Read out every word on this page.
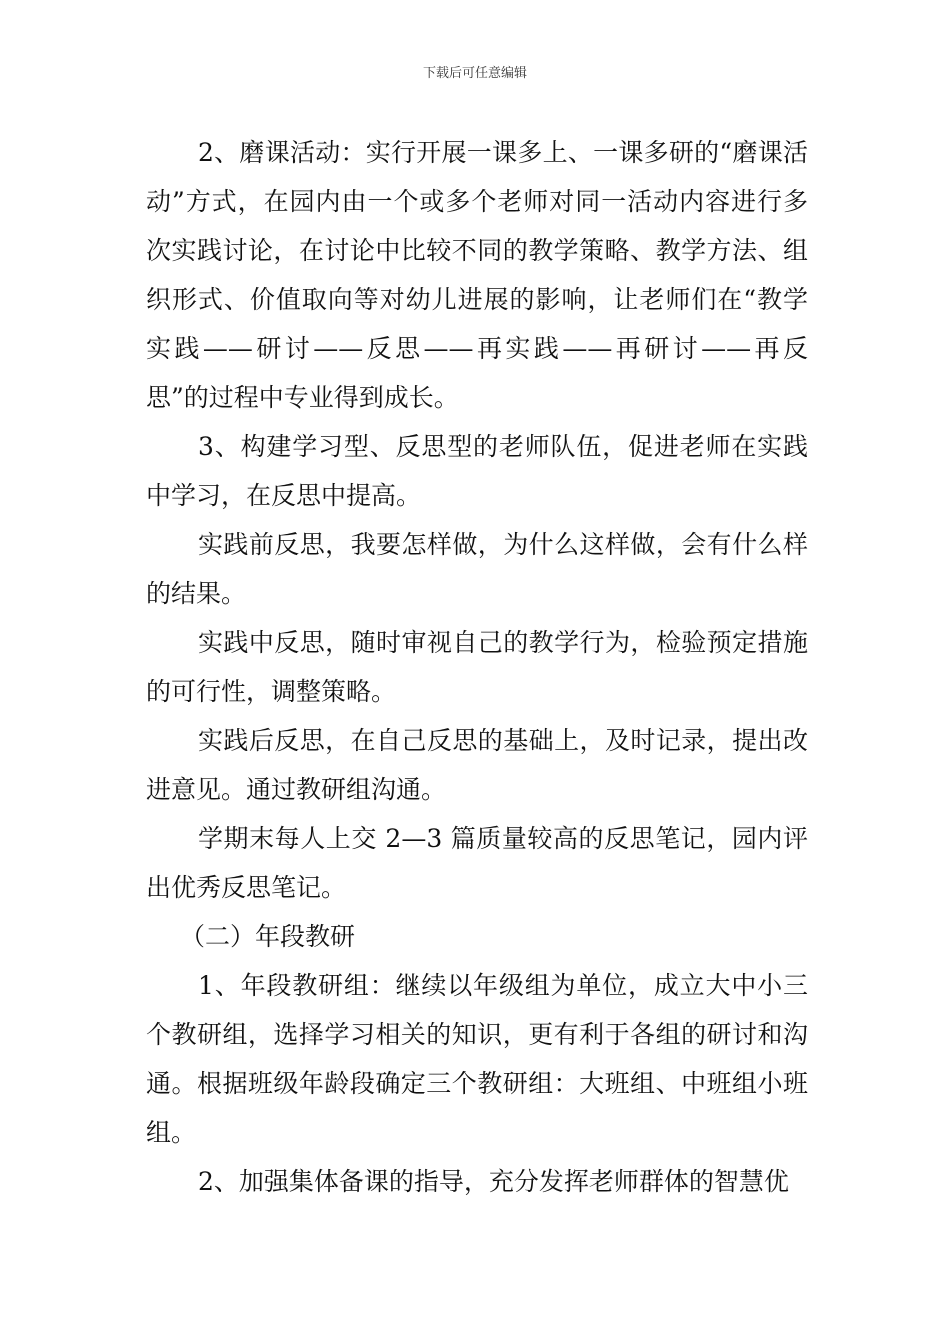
下载后可任意编辑

2、磨课活动：实行开展一课多上、一课多研的“磨课活动”方式，在园内由一个或多个老师对同一活动内容进行多次实践讨论，在讨论中比较不同的教学策略、教学方法、组织形式、价值取向等对幼儿进展的影响，让老师们在“教学实践——研讨——反思——再实践——再研讨——再反思”的过程中专业得到成长。

3、构建学习型、反思型的老师队伍，促进老师在实践中学习，在反思中提高。

实践前反思，我要怎样做，为什么这样做，会有什么样的结果。

实践中反思，随时审视自己的教学行为，检验预定措施的可行性，调整策略。

实践后反思，在自己反思的基础上，及时记录，提出改进意见。通过教研组沟通。

学期末每人上交 2—3 篇质量较高的反思笔记，园内评出优秀反思笔记。

（二）年段教研

1、年段教研组：继续以年级组为单位，成立大中小三个教研组，选择学习相关的知识，更有利于各组的研讨和沟通。根据班级年龄段确定三个教研组：大班组、中班组小班组。

2、加强集体备课的指导，充分发挥老师群体的智慧优
